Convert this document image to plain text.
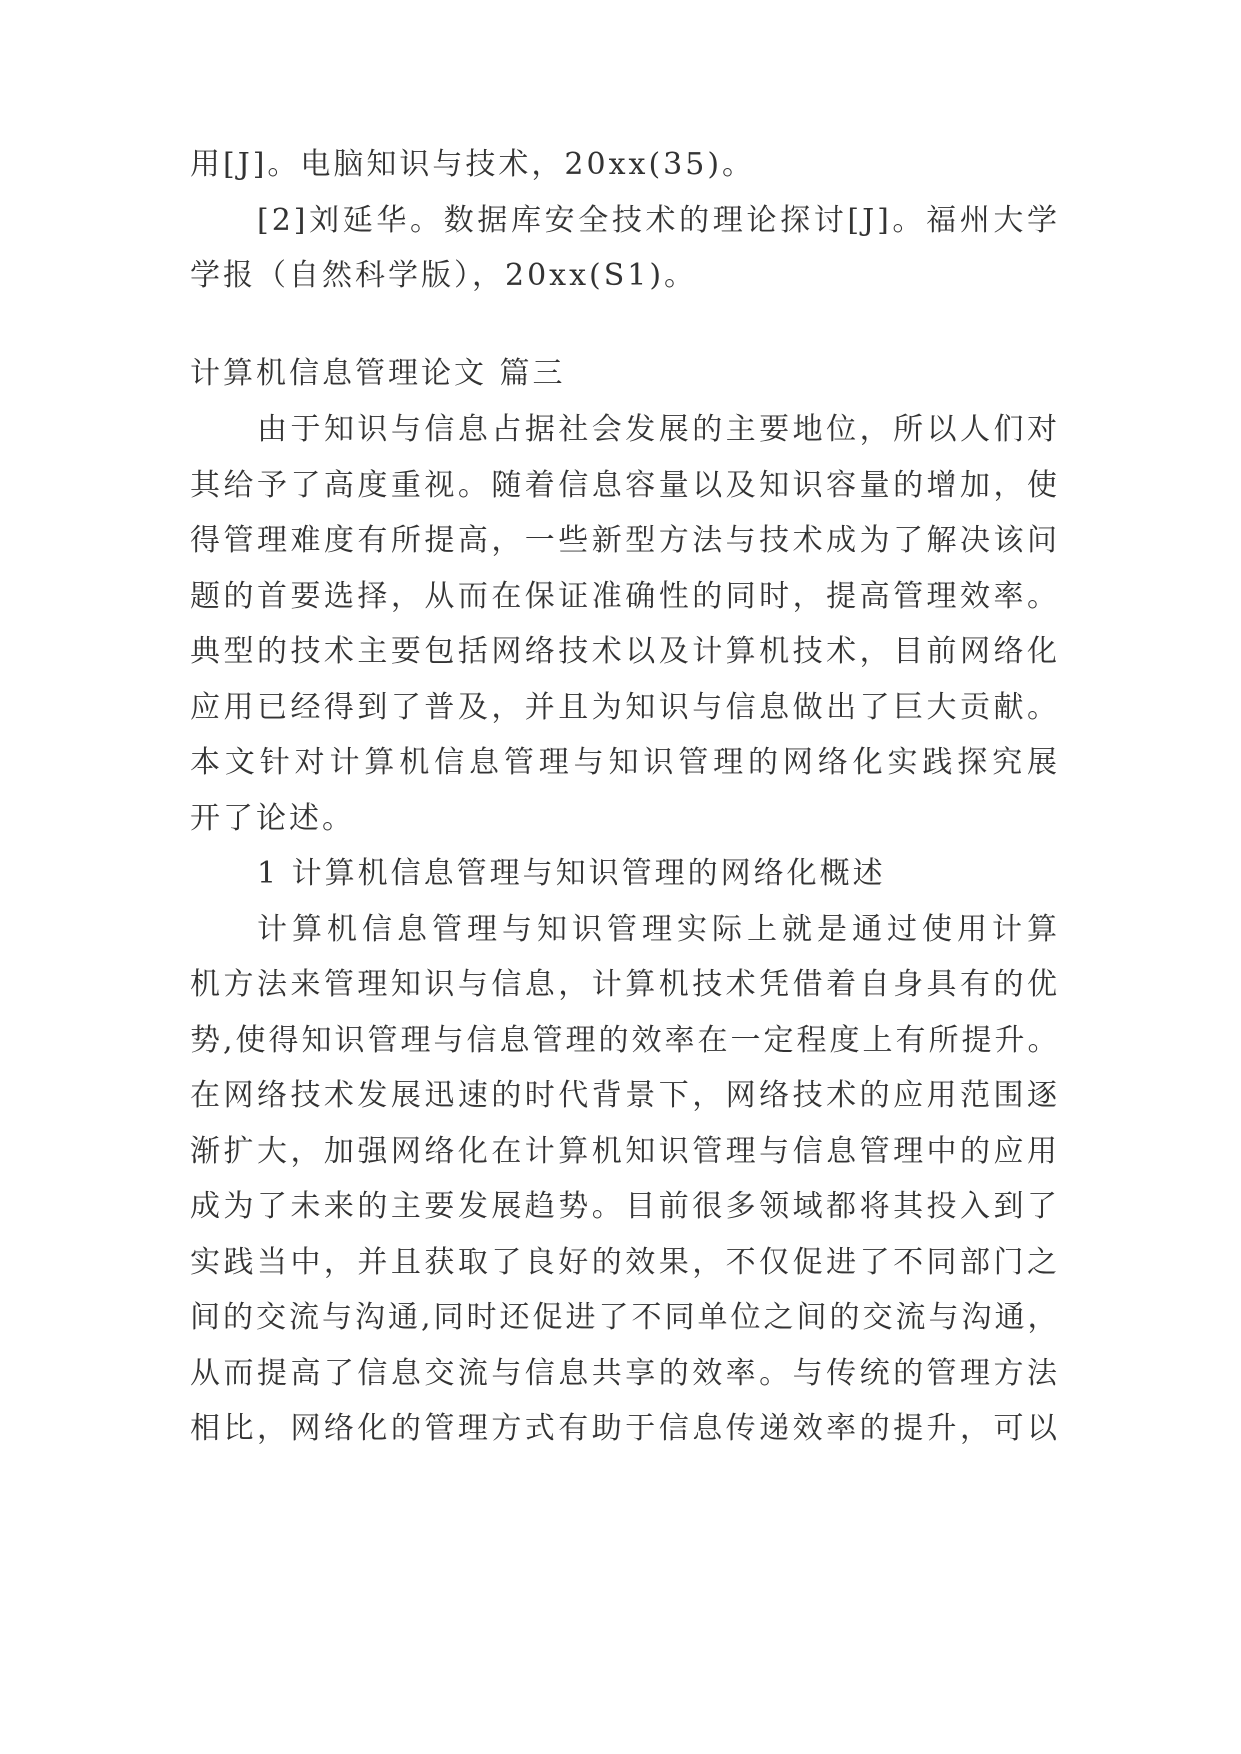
用[J]。电脑知识与技术，20xx(35)。
[2]刘延华。数据库安全技术的理论探讨[J]。福州大学
学报（自然科学版），20xx(S1)。
计算机信息管理论文 篇三
由于知识与信息占据社会发展的主要地位，所以人们对
其给予了高度重视。随着信息容量以及知识容量的增加，使
得管理难度有所提高，一些新型方法与技术成为了解决该问
题的首要选择，从而在保证准确性的同时，提高管理效率。
典型的技术主要包括网络技术以及计算机技术，目前网络化
应用已经得到了普及，并且为知识与信息做出了巨大贡献。
本文针对计算机信息管理与知识管理的网络化实践探究展
开了论述。
1 计算机信息管理与知识管理的网络化概述
计算机信息管理与知识管理实际上就是通过使用计算
机方法来管理知识与信息，计算机技术凭借着自身具有的优
势,使得知识管理与信息管理的效率在一定程度上有所提升。
在网络技术发展迅速的时代背景下，网络技术的应用范围逐
渐扩大，加强网络化在计算机知识管理与信息管理中的应用
成为了未来的主要发展趋势。目前很多领域都将其投入到了
实践当中，并且获取了良好的效果，不仅促进了不同部门之
间的交流与沟通,同时还促进了不同单位之间的交流与沟通，
从而提高了信息交流与信息共享的效率。与传统的管理方法
相比，网络化的管理方式有助于信息传递效率的提升，可以
